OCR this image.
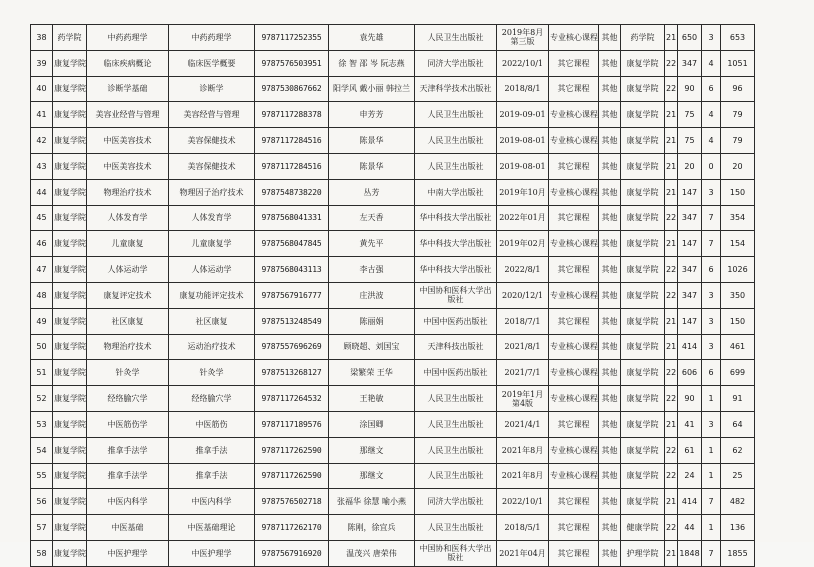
38	药学院	中药药理学	中药药理学	9787117252355	袁先雄	人民卫生出版社	2019年8月第三版	专业核心课程	其他	药学院	21	650	3	653
39	康复学院	临床疾病概论	临床医学概要	9787576503951	徐 智 邵 岑 阮志燕	同济大学出版社	2022/10/1	其它课程	其他	康复学院	22	347	4	1051
40	康复学院	诊断学基础	诊断学	9787530867662	阳学风 戴小丽 韩拉兰	天津科学技术出版社	2018/8/1	其它课程	其他	康复学院	22	90	6	96
41	康复学院	美容业经营与管理	美容经营与管理	9787117288378	申芳芳	人民卫生出版社	2019-09-01	专业核心课程	其他	康复学院	21	75	4	79
42	康复学院	中医美容技术	美容保健技术	9787117284516	陈景华	人民卫生出版社	2019-08-01	专业核心课程	其他	康复学院	21	75	4	79
43	康复学院	中医美容技术	美容保健技术	9787117284516	陈景华	人民卫生出版社	2019-08-01	其它课程	其他	康复学院	21	20	0	20
44	康复学院	物理治疗技术	物理因子治疗技术	9787548738220	丛芳	中南大学出版社	2019年10月	专业核心课程	其他	康复学院	21	147	3	150
45	康复学院	人体发育学	人体发育学	9787568041331	左天香	华中科技大学出版社	2022年01月	其它课程	其他	康复学院	22	347	7	354
46	康复学院	儿童康复	儿童康复学	9787568047845	黄先平	华中科技大学出版社	2019年02月	专业核心课程	其他	康复学院	21	147	7	154
47	康复学院	人体运动学	人体运动学	9787568043113	李古强	华中科技大学出版社	2022/8/1	其它课程	其他	康复学院	22	347	6	1026
48	康复学院	康复评定技术	康复功能评定技术	9787567916777	庄洪波	中国协和医科大学出版社	2020/12/1	专业核心课程	其他	康复学院	22	347	3	350
49	康复学院	社区康复	社区康复	9787513248549	陈丽娟	中国中医药出版社	2018/7/1	其它课程	其他	康复学院	21	147	3	150
50	康复学院	物理治疗技术	运动治疗技术	9787557696269	顾晓超、刘国宝	天津科技出版社	2021/8/1	专业核心课程	其他	康复学院	21	414	3	461
51	康复学院	针灸学	针灸学	9787513268127	梁繁荣 王华	中国中医药出版社	2021/7/1	专业核心课程	其他	康复学院	22	606	6	699
52	康复学院	经络腧穴学	经络腧穴学	9787117264532	王艳敏	人民卫生出版社	2019年1月第4版	专业核心课程	其他	康复学院	22	90	1	91
53	康复学院	中医筋伤学	中医筋伤	9787117189576	涂国卿	人民卫生出版社	2021/4/1	其它课程	其他	康复学院	21	41	3	64
54	康复学院	推拿手法学	推拿手法	9787117262590	那继文	人民卫生出版社	2021年8月	专业核心课程	其他	康复学院	22	61	1	62
55	康复学院	推拿手法学	推拿手法	9787117262590	那继文	人民卫生出版社	2021年8月	专业核心课程	其他	康复学院	22	24	1	25
56	康复学院	中医内科学	中医内科学	9787576502718	张福华 徐慧 喻小燕	同济大学出版社	2022/10/1	其它课程	其他	康复学院	21	414	7	482
57	康复学院	中医基础	中医基础理论	9787117262170	陈刚，徐宜兵	人民卫生出版社	2018/5/1	其它课程	其他	健康学院	22	44	1	136
58	康复学院	中医护理学	中医护理学	9787567916920	温茂兴 唐荣伟	中国协和医科大学出版社	2021年04月	其它课程	其他	护理学院	21	1848	7	1855
